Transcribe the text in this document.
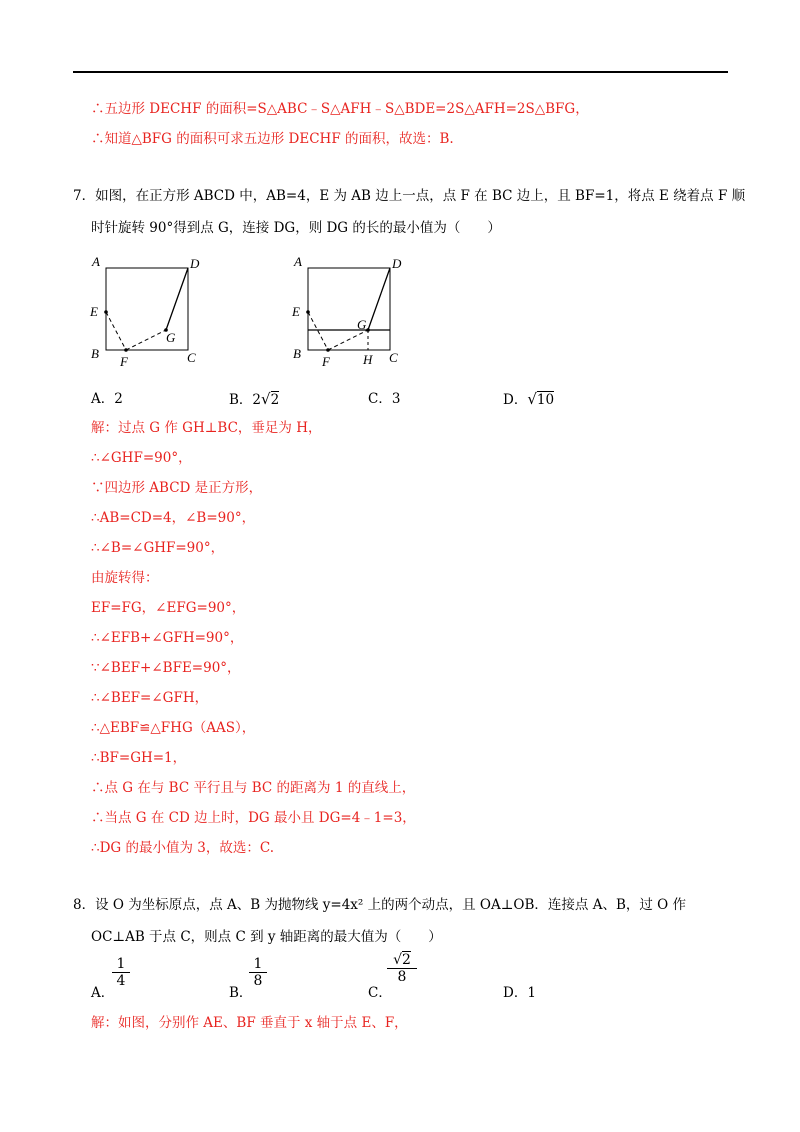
∴五边形 DECHF 的面积=S△ABC﹣S△AFH﹣S△BDE=2S△AFH=2S△BFG，
∴知道△BFG 的面积可求五边形 DECHF 的面积，故选：B.
7．如图，在正方形 ABCD 中，AB=4，E 为 AB 边上一点，点 F 在 BC 边上，且 BF=1，将点 E 绕着点 F 顺
时针旋转 90°得到点 G，连接 DG，则 DG 的长的最小值为（　　）
A	D
E
G
B
F	C
A	D
E
G
B
F	H C
A．2	B．2√2	C．3	D．√10
解：过点 G 作 GH⊥BC，垂足为 H，
∴∠GHF=90°，
∵四边形 ABCD 是正方形，
∴AB=CD=4，∠B=90°，
∴∠B=∠GHF=90°，
由旋转得：
EF=FG，∠EFG=90°，
∴∠EFB+∠GFH=90°，
∵∠BEF+∠BFE=90°，
∴∠BEF=∠GFH，
∴△EBF≌△FHG（AAS），
∴BF=GH=1，
∴点 G 在与 BC 平行且与 BC 的距离为 1 的直线上，
∴当点 G 在 CD 边上时，DG 最小且 DG=4﹣1=3，
∴DG 的最小值为 3，故选：C.
8．设 O 为坐标原点，点 A、B 为抛物线 y=4x² 上的两个动点，且 OA⊥OB．连接点 A、B，过 O 作
OC⊥AB 于点 C，则点 C 到 y 轴距离的最大值为（　　）
A．
$\frac{1}{4}$
B．
$\frac{1}{8}$
C．
$\frac{√2}{8}$
D．1
解：如图，分别作 AE、BF 垂直于 x 轴于点 E、F，
